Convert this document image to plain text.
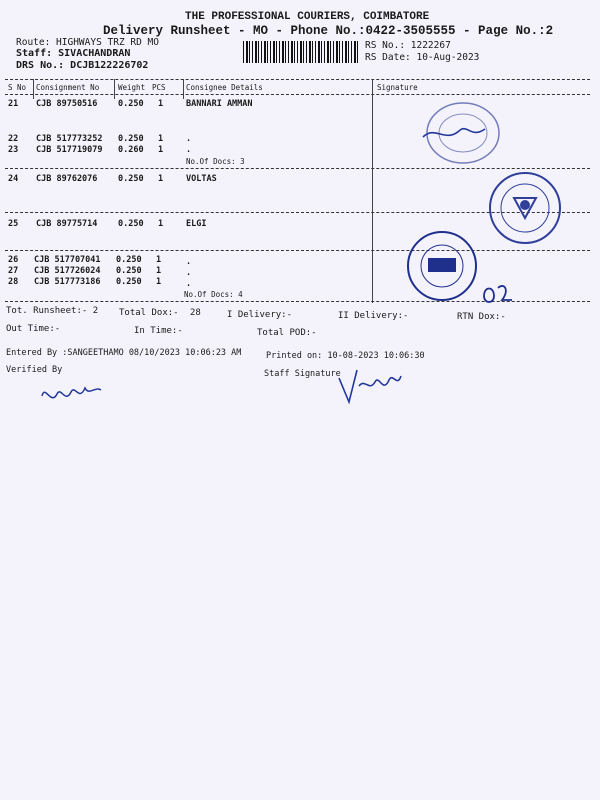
THE PROFESSIONAL COURIERS, COIMBATORE
Delivery Runsheet - MO - Phone No.:0422-3505555 - Page No.:2
Route: HIGHWAYS TRZ RD MO
Staff: SIVACHANDRAN
DRS No.: DCJB122226702
RS No.: 1222267
RS Date: 10-Aug-2023
S No Consignment No	Weight PCS	Consignee Details	Signature
21 CJB 89750516 0.250 1	BANNARI AMMAN
22 CJB 517773252 0.250 1	.
23 CJB 517719079 0.260 1	.
No.Of Docs: 3
24 CJB 89762076 0.250 1	VOLTAS
25 CJB 89775714 0.250 1	ELGI
26 CJB 517707041 0.250 1	.
27 CJB 517726024 0.250 1	.
28 CJB 517773186 0.250 1	.
No.Of Docs: 4
Tot. Runsheet:- 2 Total Dox:- 28	I Delivery:-	II Delivery:-	RTN Dox:-
Out Time:-	In Time:-	Total POD:-
Entered By :SANGEETHAMO 08/10/2023 10:06:23 AM	Printed on: 10-08-2023 10:06:30
Verified By	Staff Signature
